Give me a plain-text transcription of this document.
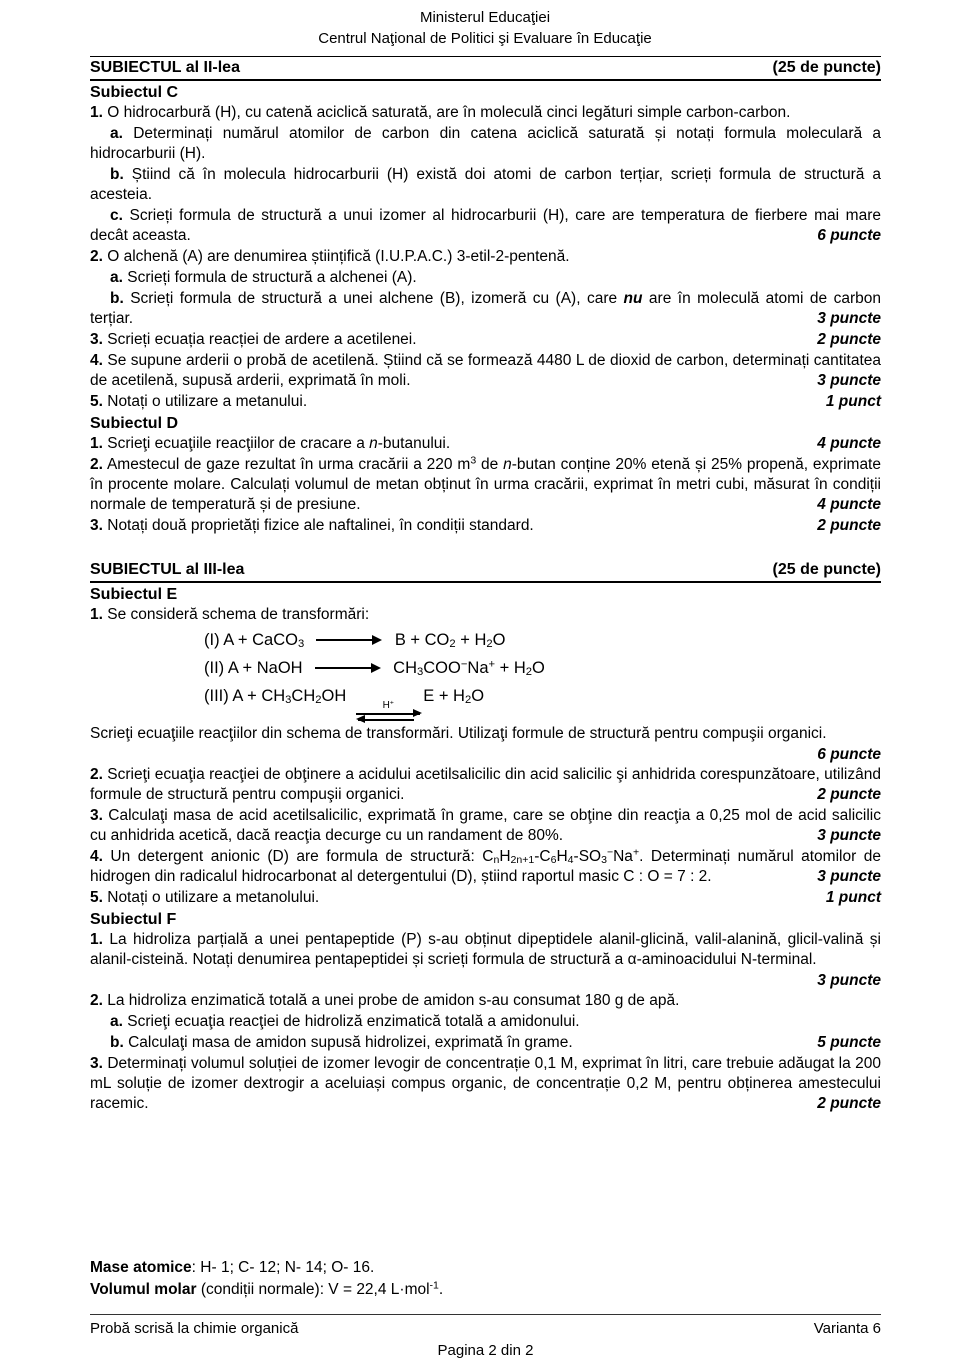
Ministerul Educaţiei
Centrul Naţional de Politici şi Evaluare în Educaţie
SUBIECTUL al II-lea	(25 de puncte)
Subiectul C

1. O hidrocarbură (H), cu catenă aciclică saturată, are în moleculă cinci legături simple carbon-carbon.

a. Determinați numărul atomilor de carbon din catena aciclică saturată și notați formula moleculară a hidrocarburii (H).

b. Știind că în molecula hidrocarburii (H) există doi atomi de carbon terțiar, scrieți formula de structură a acesteia.

c. Scrieți formula de structură a unui izomer al hidrocarburii (H), care are temperatura de fierbere mai mare decât aceasta.	6 puncte

2. O alchenă (A) are denumirea științifică (I.U.P.A.C.) 3-etil-2-pentenă.

a. Scrieți formula de structură a alchenei (A).

b. Scrieți formula de structură a unei alchene (B), izomeră cu (A), care nu are în moleculă atomi de carbon terțiar.	3 puncte

3. Scrieți ecuația reacției de ardere a acetilenei.	2 puncte

4. Se supune arderii o probă de acetilenă. Știind că se formează 4480 L de dioxid de carbon, determinați cantitatea de acetilenă, supusă arderii, exprimată în moli.	3 puncte

5. Notați o utilizare a metanului.	1 punct

Subiectul D

1. Scrieţi ecuaţiile reacţiilor de cracare a n-butanului.	4 puncte

2. Amestecul de gaze rezultat în urma cracării a 220 $m^3$ de n-butan conține 20% etenă și 25% propenă, exprimate în procente molare. Calculați volumul de metan obținut în urma cracării, exprimat în metri cubi, măsurat în condiții normale de temperatură și de presiune.	4 puncte

3. Notați două proprietăți fizice ale naftalinei, în condiții standard.	2 puncte

SUBIECTUL al III-lea	(25 de puncte)
Subiectul E

1. Se consideră schema de transformări:

(I) A + CaCO$_3$ → $B + CO_2 + H_2O$
(II) A + NaOH → $CH_3COO^-Na^+ + H_2O$
(III) $A + CH_3CH_2OH$
H+ $E + H_2O$

Scrieţi ecuaţiile reacţiilor din schema de transformări. Utilizaţi formule de structură pentru compuşii organici.

6 puncte

2. Scrieţi ecuaţia reacţiei de obţinere a acidului acetilsalicilic din acid salicilic şi anhidrida corespunzătoare, utilizând formule de structură pentru compuşii organici.	2 puncte

3. Calculaţi masa de acid acetilsalicilic, exprimată în grame, care se obţine din reacţia a 0,25 mol de acid salicilic cu anhidrida acetică, dacă reacţia decurge cu un randament de 80%.	3 puncte

4. Un detergent anionic (D) are formula de structură: $C_nH_{2n+1}-C_6H_4-SO_3^-Na^+$. Determinați numărul atomilor de hidrogen din radicalul hidrocarbonat al detergentului (D), știind raportul masic C : O = 7 : 2.	3 puncte

5. Notați o utilizare a metanolului.	1 punct

Subiectul F

1. La hidroliza parțială a unei pentapeptide (P) s-au obținut dipeptidele alanil-glicină, valil-alanină, glicil-valină și alanil-cisteină. Notați denumirea pentapeptidei și scrieți formula de structură a α-aminoacidului N-terminal.

3 puncte

2. La hidroliza enzimatică totală a unei probe de amidon s-au consumat 180 g de apă.

a. Scrieţi ecuaţia reacţiei de hidroliză enzimatică totală a amidonului.

b. Calculaţi masa de amidon supusă hidrolizei, exprimată în grame.	5 puncte

3. Determinați volumul soluției de izomer levogir de concentrație 0,1 M, exprimat în litri, care trebuie adăugat la 200 mL soluție de izomer dextrogir a aceluiași compus organic, de concentrație 0,2 M, pentru obținerea amestecului racemic.	2 puncte

Mase atomice: H- 1; C- 12; N- 14; O- 16.

Volumul molar (condiții normale): V = 22,4 L·mol$^{-1}$.

Probă scrisă la chimie organică	Varianta 6
Pagina 2 din 2
